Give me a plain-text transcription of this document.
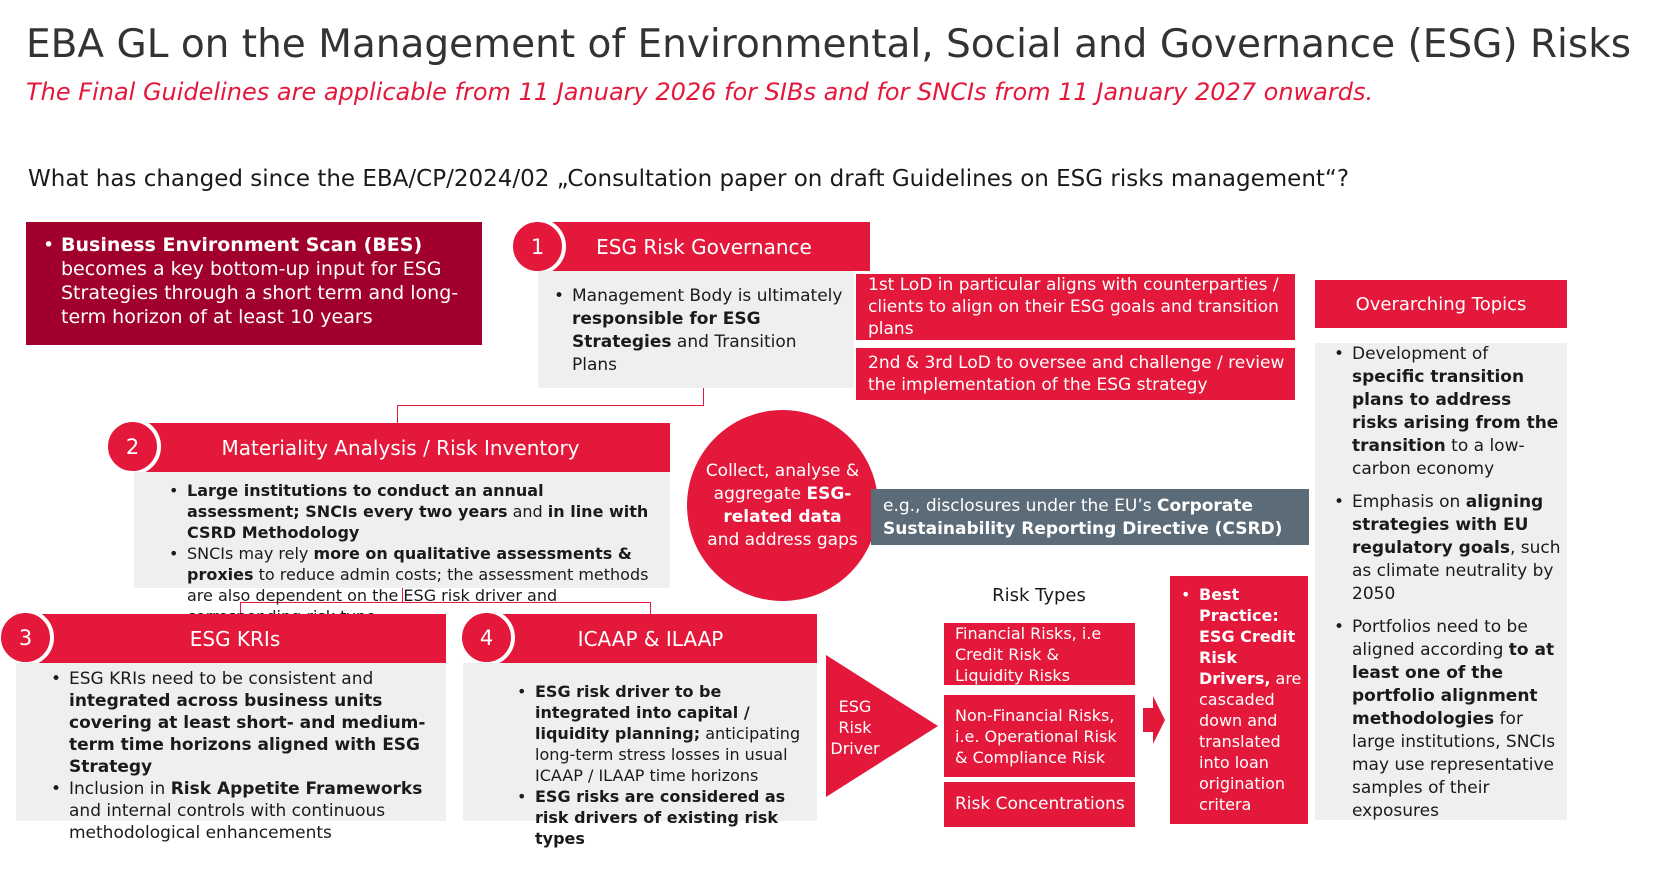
EBA GL on the Management of Environmental, Social and Governance (ESG) Risks
The Final Guidelines are applicable from 11 January 2026 for SIBs and for SNCIs from 11 January 2027 onwards.
What has changed since the EBA/CP/2024/02 „Consultation paper on draft Guidelines on ESG risks management“?
• Business Environment Scan (BES)
becomes a key bottom-up input for ESG Strategies through a short term and long-term horizon of at least 10 years
ESG Risk Governance
1
• Management Body is ultimately responsible for ESG Strategies and Transition Plans
1st LoD in particular aligns with counterparties / clients to align on their ESG goals and transition plans
2nd & 3rd LoD to oversee and challenge / review the implementation of the ESG strategy
Materiality Analysis / Risk Inventory
2
• Large institutions to conduct an annual assessment; SNCIs every two years and in line with CSRD Methodology
• SNCIs may rely more on qualitative assessments & proxies to reduce admin costs; the assessment methods are also dependent on the ESG risk driver and
Collect, analyse & aggregate ESG-related data and address gaps
e.g., disclosures under the EU’s Corporate Sustainability Reporting Directive (CSRD)
ESG KRIs
3
• ESG KRIs need to be consistent and integrated across business units covering at least short- and medium-term time horizons aligned with ESG Strategy
• Inclusion in Risk Appetite Frameworks and internal controls with continuous methodological enhancements
ICAAP & ILAAP
4
• ESG risk driver to be integrated into capital / liquidity planning; anticipating long-term stress losses in usual ICAAP / ILAAP time horizons
• ESG risks are considered as risk drivers of existing risk types
ESG Risk Driver
Risk Types
Financial Risks, i.e Credit Risk & Liquidity Risks
Non-Financial Risks, i.e. Operational Risk & Compliance Risk
Risk Concentrations
• Best Practice: ESG Credit Risk Drivers, are cascaded down and translated into loan origination critera
Overarching Topics
• Development of specific transition plans to address risks arising from the transition to a low-carbon economy
• Emphasis on aligning strategies with EU regulatory goals, such as climate neutrality by 2050
• Portfolios need to be aligned according to at least one of the portfolio alignment methodologies for large institutions, SNCIs may use representative samples of their exposures
